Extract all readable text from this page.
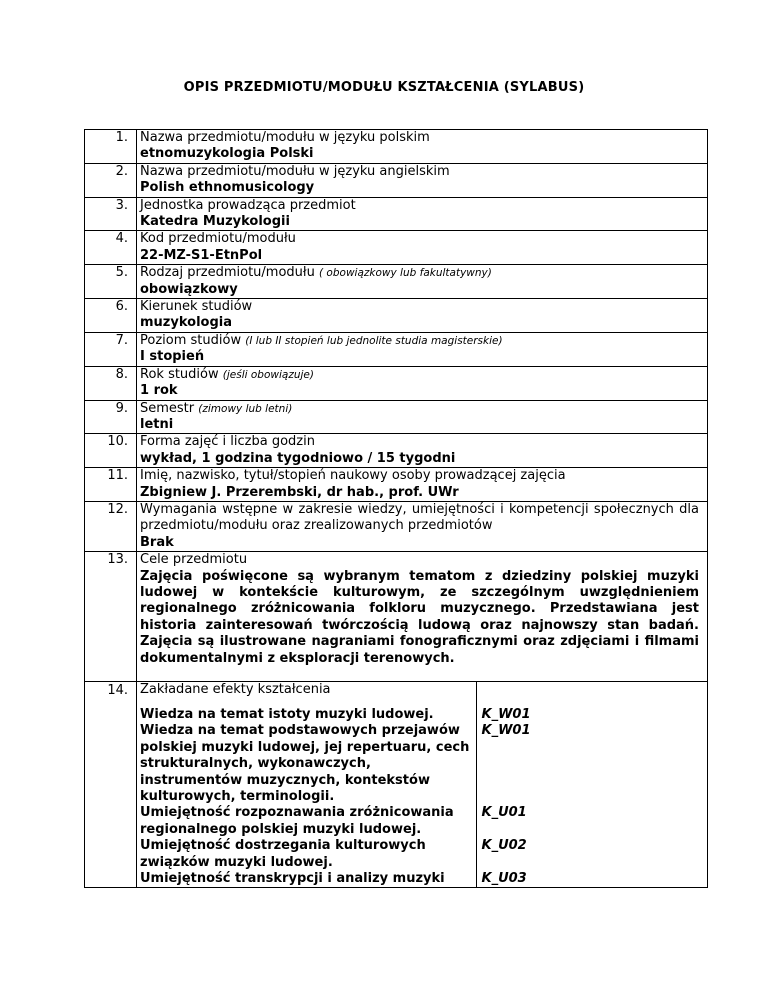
OPIS PRZEDMIOTU/MODUŁU KSZTAŁCENIA (SYLABUS)
1.	Nazwa przedmiotu/modułu w języku polskim
etnomuzykologia Polski

2.	Nazwa przedmiotu/modułu w języku angielskim
Polish ethnomusicology

3.	Jednostka prowadząca przedmiot
Katedra Muzykologii

4.	Kod przedmiotu/modułu
22-MZ-S1-EtnPol

5.	Rodzaj przedmiotu/modułu ( obowiązkowy lub fakultatywny)
obowiązkowy

6.	Kierunek studiów
muzykologia

7.	Poziom studiów (I lub II stopień lub jednolite studia magisterskie)
I stopień

8.	Rok studiów (jeśli obowiązuje)
1 rok

9.	Semestr (zimowy lub letni)
letni

10.	Forma zajęć i liczba godzin
wykład, 1 godzina tygodniowo / 15 tygodni

11.	Imię, nazwisko, tytuł/stopień naukowy osoby prowadzącej zajęcia
Zbigniew J. Przerembski, dr hab., prof. UWr

12.	Wymagania wstępne w zakresie wiedzy, umiejętności i kompetencji społecznych dla przedmiotu/modułu oraz zrealizowanych przedmiotów
Brak

13.	Cele przedmiotu
Zajęcia poświęcone są wybranym tematom z dziedziny polskiej muzyki ludowej w kontekście kulturowym, ze szczególnym uwzględnieniem regionalnego zróżnicowania folkloru muzycznego. Przedstawiana jest historia zainteresowań twórczością ludową oraz najnowszy stan badań. Zajęcia są ilustrowane nagraniami fonograficznymi oraz zdjęciami i filmami dokumentalnymi z eksploracji terenowych.

14.	Zakładane efekty kształcenia	
Wiedza na temat istoty muzyki ludowej.	K_W01
Wiedza na temat podstawowych przejawów polskiej muzyki ludowej, jej repertuaru, cech strukturalnych, wykonawczych, instrumentów muzycznych, kontekstów kulturowych, terminologii.	K_W01
Umiejętność rozpoznawania zróżnicowania regionalnego polskiej muzyki ludowej.	K_U01
Umiejętność dostrzegania kulturowych związków muzyki ludowej.	K_U02
Umiejętność transkrypcji i analizy muzyki	K_U03
